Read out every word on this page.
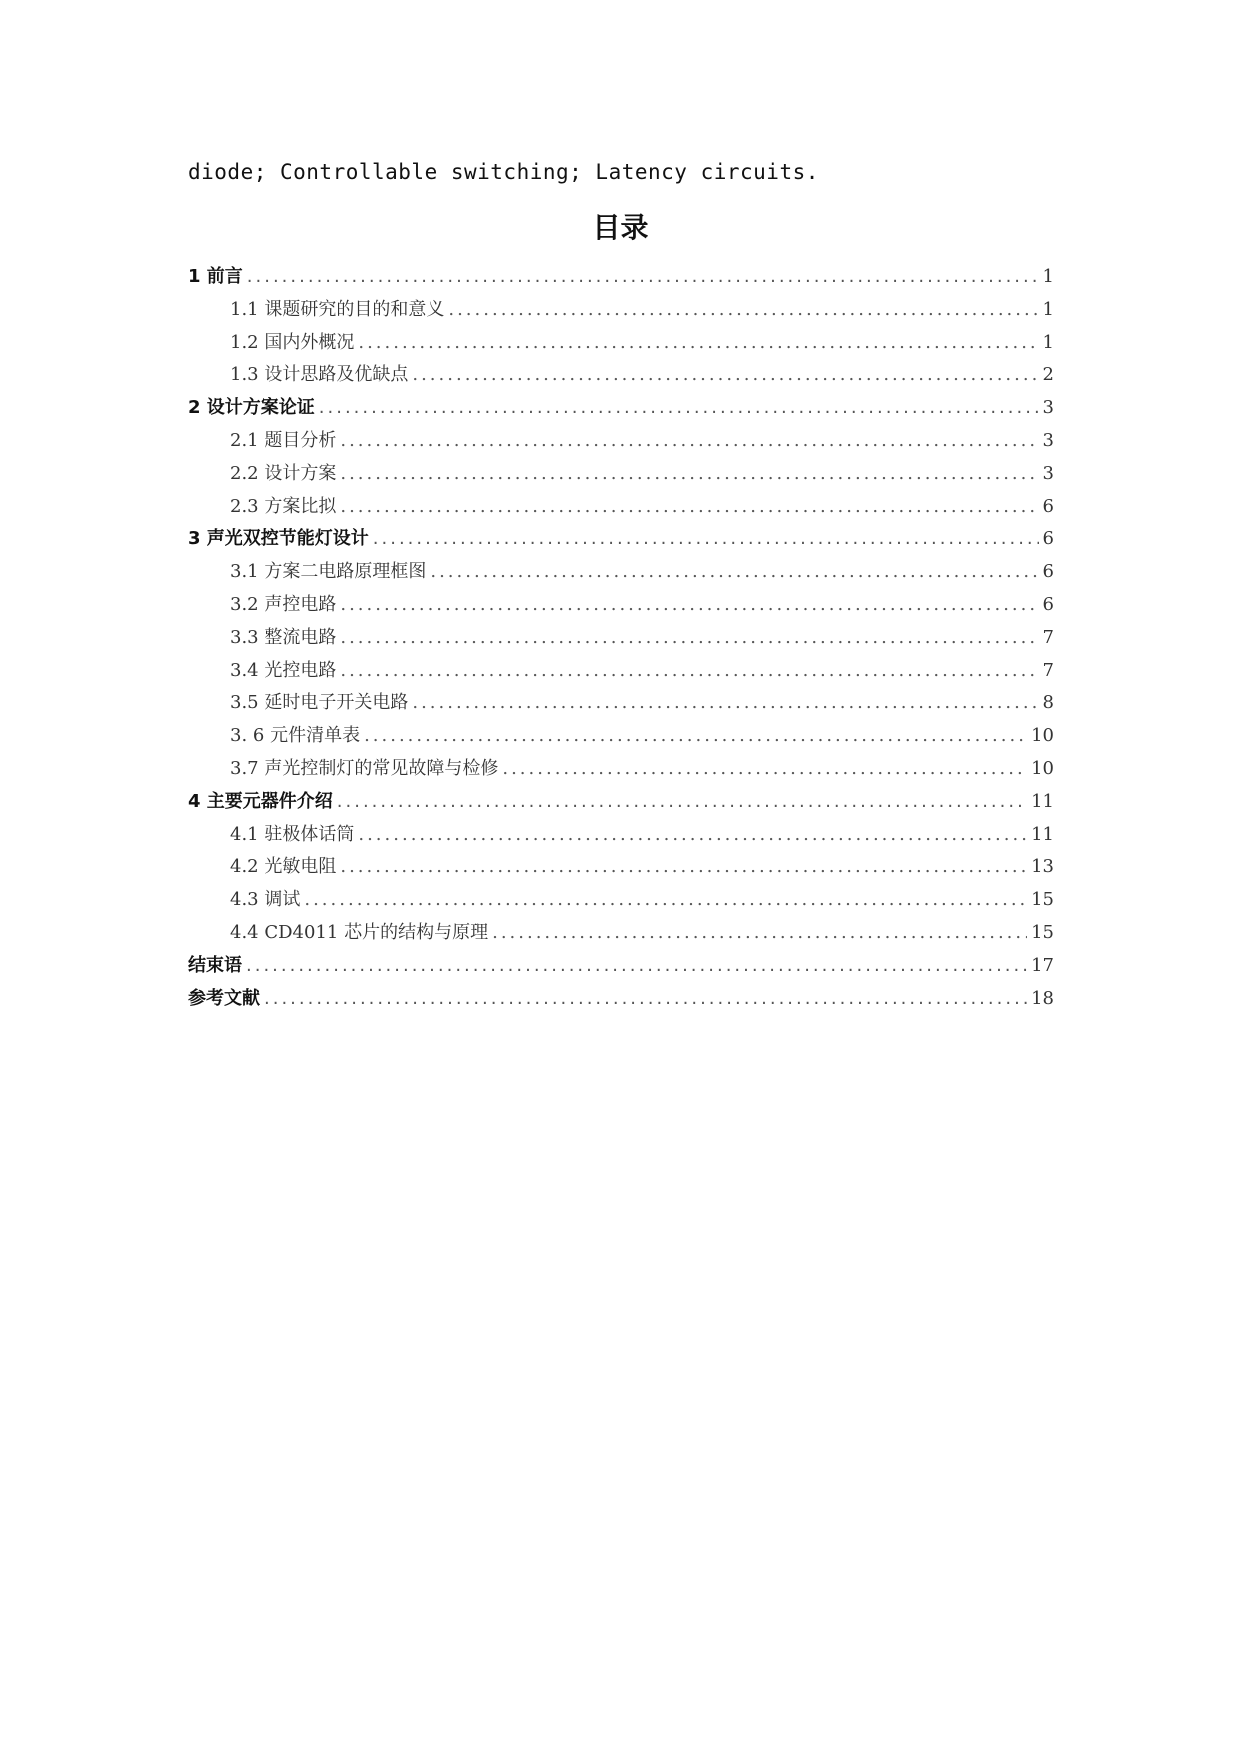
diode; Controllable switching; Latency circuits.
目录
1 前言 .....	1
1.1 课题研究的目的和意义 .....	1
1.2 国内外概况 .....	1
1.3 设计思路及优缺点 .....	2
2 设计方案论证 .....	3
2.1 题目分析 .....	3
2.2 设计方案 .....	3
2.3 方案比拟 .....	6
3 声光双控节能灯设计 .....	6
3.1 方案二电路原理框图 .....	6
3.2 声控电路 .....	6
3.3 整流电路 .....	7
3.4 光控电路 .....	7
3.5 延时电子开关电路 .....	8
3. 6 元件清单表 .....	10
3.7 声光控制灯的常见故障与检修 .....	10
4 主要元器件介绍 .....	11
4.1 驻极体话筒 .....	11
4.2 光敏电阻 .....	13
4.3 调试 .....	15
4.4 CD4011 芯片的结构与原理 .....	15
结束语 .....	17
参考文献 .....	18
